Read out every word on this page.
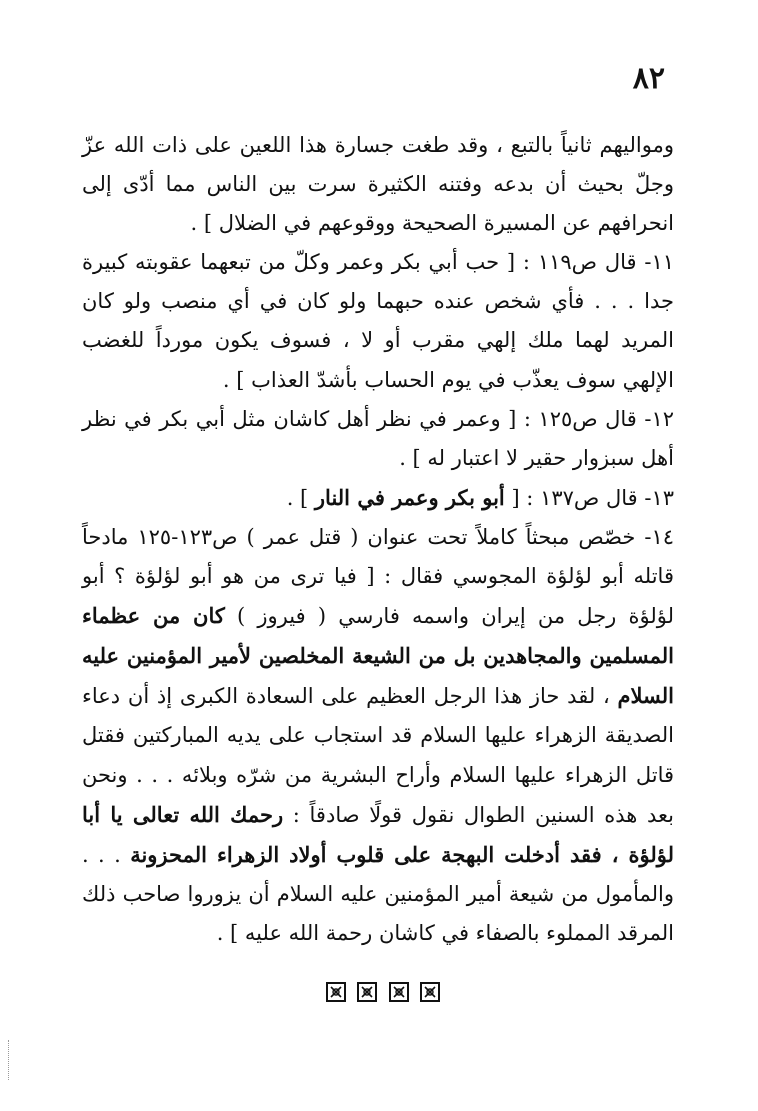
٨٢

ومواليهم ثانياً بالتبع ، وقد طغت جسارة هذا اللعين على ذات الله عزّ وجلّ بحيث أن بدعه وفتنه الكثيرة سرت بين الناس مما أدّى إلى انحرافهم عن المسيرة الصحيحة ووقوعهم في الضلال ] .

١١- قال ص١١٩ : [ حب أبي بكر وعمر وكلّ من تبعهما عقوبته كبيرة جدا . . . فأي شخص عنده حبهما ولو كان في أي منصب ولو كان المريد لهما ملك إلهي مقرب أو لا ، فسوف يكون مورداً للغضب الإلهي سوف يعذّب في يوم الحساب بأشدّ العذاب ] .

١٢- قال ص١٢٥ : [ وعمر في نظر أهل كاشان مثل أبي بكر في نظر أهل سبزوار حقير لا اعتبار له ] .

١٣- قال ص١٣٧ : [ أبو بكر وعمر في النار ] .

١٤- خصّص مبحثاً كاملاً تحت عنوان ( قتل عمر ) ص١٢٣-١٢٥ مادحاً قاتله أبو لؤلؤة المجوسي فقال : [ فيا ترى من هو أبو لؤلؤة ؟ أبو لؤلؤة رجل من إيران واسمه فارسي ( فيروز ) كان من عظماء المسلمين والمجاهدين بل من الشيعة المخلصين لأمير المؤمنين عليه السلام ، لقد حاز هذا الرجل العظيم على السعادة الكبرى إذ أن دعاء الصديقة الزهراء عليها السلام قد استجاب على يديه المباركتين فقتل قاتل الزهراء عليها السلام وأراح البشرية من شرّه وبلائه . . . ونحن بعد هذه السنين الطوال نقول قولًا صادقاً : رحمك الله تعالى يا أبا لؤلؤة ، فقد أدخلت البهجة على قلوب أولاد الزهراء المحزونة . . . والمأمول من شيعة أمير المؤمنين عليه السلام أن يزوروا صاحب ذلك المرقد المملوء بالصفاء في كاشان رحمة الله عليه ] .
